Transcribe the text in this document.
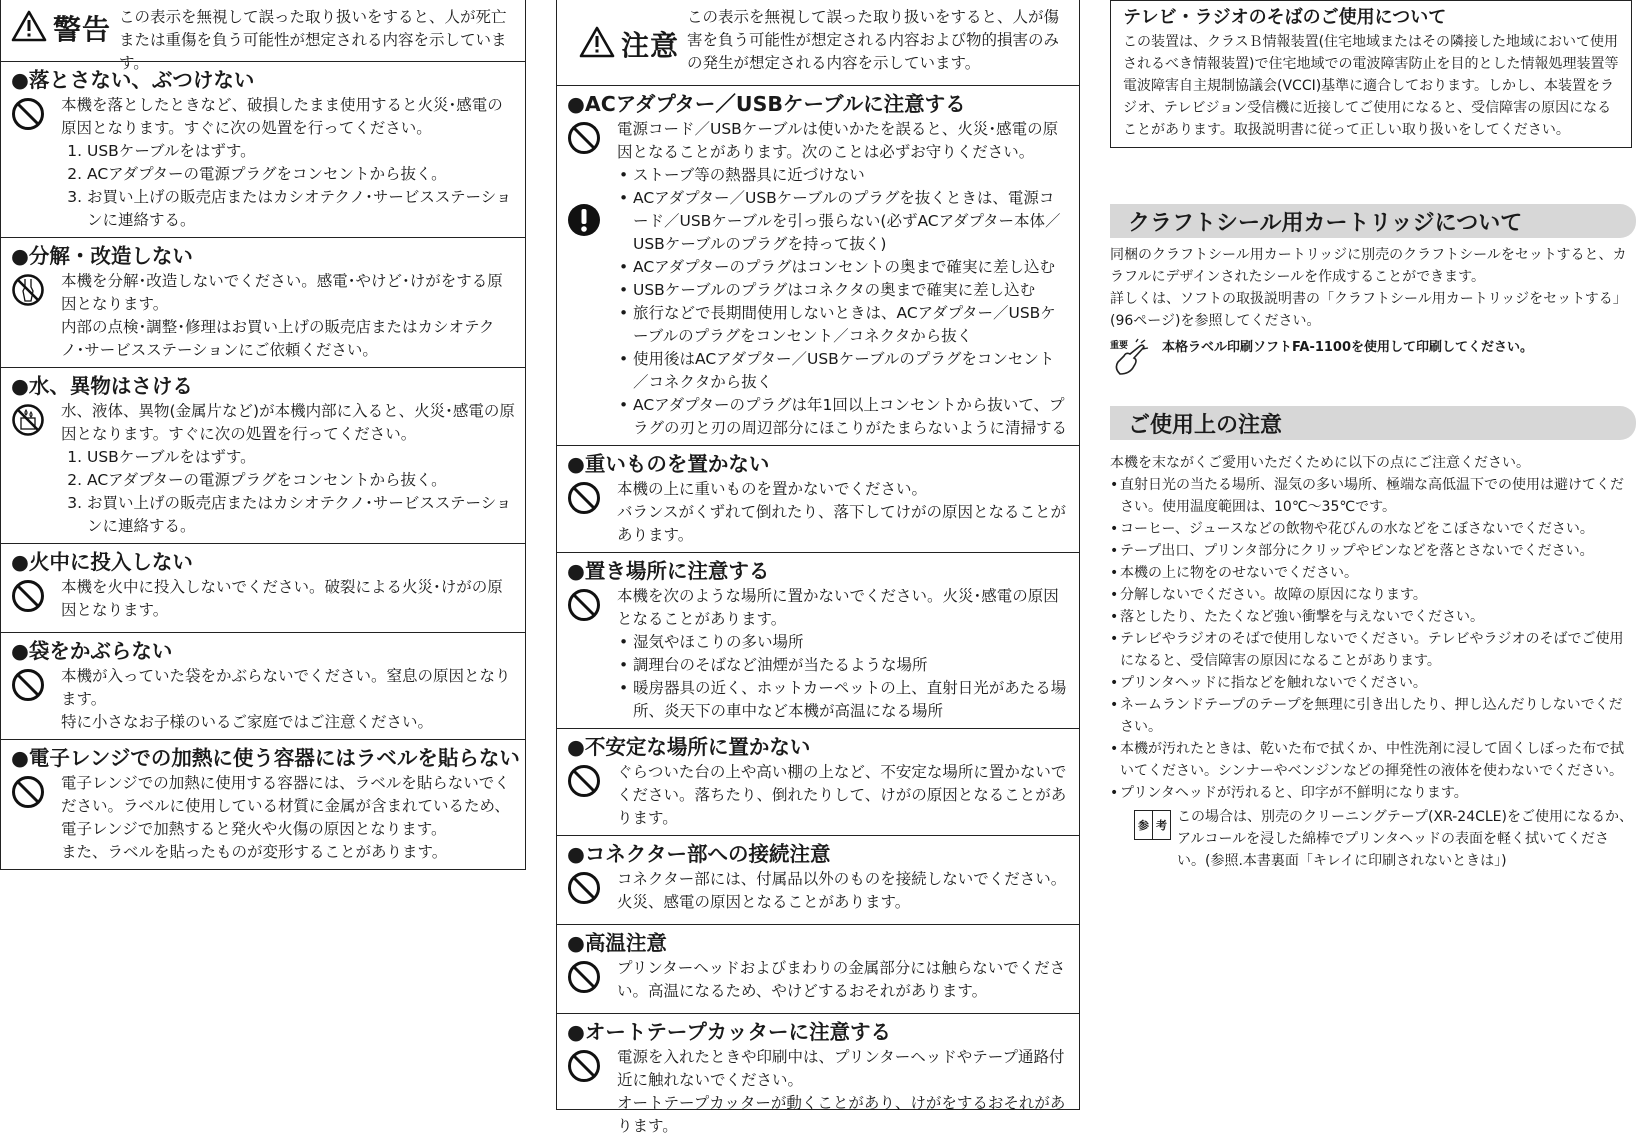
警告 この表示を無視して誤った取り扱いをすると、人が死亡または重傷を負う可能性が想定される内容を示しています。
●落とさない、ぶつけない

本機を落としたときなど、破損したまま使用すると火災･感電の原因となります。すぐに次の処置を行ってください。

1. USBケーブルをはずす。
2. ACアダプターの電源プラグをコンセントから抜く。
3. お買い上げの販売店またはカシオテクノ･サービスステーションに連絡する。
●分解・改造しない

本機を分解･改造しないでください。感電･やけど･けがをする原因となります。

内部の点検･調整･修理はお買い上げの販売店またはカシオテクノ･サービスステーションにご依頼ください。

●水、異物はさける

水、液体、異物(金属片など)が本機内部に入ると、火災･感電の原因となります。すぐに次の処置を行ってください。

1. USBケーブルをはずす。
2. ACアダプターの電源プラグをコンセントから抜く。
3. お買い上げの販売店またはカシオテクノ･サービスステーションに連絡する。
●火中に投入しない

本機を火中に投入しないでください。破裂による火災･けがの原因となります。

●袋をかぶらない

本機が入っていた袋をかぶらないでください。窒息の原因となります。

特に小さなお子様のいるご家庭ではご注意ください。

●電子レンジでの加熱に使う容器にはラベルを貼らない

電子レンジでの加熱に使用する容器には、ラベルを貼らないでください。ラベルに使用している材質に金属が含まれているため、電子レンジで加熱すると発火や火傷の原因となります。

また、ラベルを貼ったものが変形することがあります。

注意
この表示を無視して誤った取り扱いをすると、人が傷害を負う可能性が想定される内容および物的損害のみの発生が想定される内容を示しています。
●ACアダプター／USBケーブルに注意する

電源コード／USBケーブルは使いかたを誤ると、火災･感電の原因となることがあります。次のことは必ずお守りください。

• ストーブ等の熱器具に近づけない
• ACアダプター／USBケーブルのプラグを抜くときは、電源コード／USBケーブルを引っ張らない(必ずACアダプター本体／USBケーブルのプラグを持って抜く)
• ACアダプターのプラグはコンセントの奥まで確実に差し込む
• USBケーブルのプラグはコネクタの奥まで確実に差し込む
• 旅行などで長期間使用しないときは、ACアダプター／USBケーブルのプラグをコンセント／コネクタから抜く
• 使用後はACアダプター／USBケーブルのプラグをコンセント／コネクタから抜く
• ACアダプターのプラグは年1回以上コンセントから抜いて、プラグの刃と刃の周辺部分にほこりがたまらないように清掃する
●重いものを置かない

本機の上に重いものを置かないでください。

バランスがくずれて倒れたり、落下してけがの原因となることがあります。

●置き場所に注意する

本機を次のような場所に置かないでください。火災･感電の原因となることがあります。

• 湿気やほこりの多い場所
• 調理台のそばなど油煙が当たるような場所
• 暖房器具の近く、ホットカーペットの上、直射日光があたる場所、炎天下の車中など本機が高温になる場所
●不安定な場所に置かない

ぐらついた台の上や高い棚の上など、不安定な場所に置かないでください。落ちたり、倒れたりして、けがの原因となることがあります。

●コネクター部への接続注意

コネクター部には、付属品以外のものを接続しないでください。火災、感電の原因となることがあります。

●高温注意

プリンターヘッドおよびまわりの金属部分には触らないでください。高温になるため、やけどするおそれがあります。

●オートテープカッターに注意する

電源を入れたときや印刷中は、プリンターヘッドやテープ通路付近に触れないでください。

オートテープカッターが動くことがあり、けがをするおそれがあります。

テレビ・ラジオのそばのご使用について
この装置は、クラスＢ情報装置(住宅地域またはその隣接した地域において使用されるべき情報装置)で住宅地域での電波障害防止を目的とした情報処理装置等電波障害自主規制協議会(VCCI)基準に適合しております。しかし、本装置をラジオ、テレビジョン受信機に近接してご使用になると、受信障害の原因になることがあります。取扱説明書に従って正しい取り扱いをしてください。
クラフトシール用カートリッジについて
同梱のクラフトシール用カートリッジに別売のクラフトシールをセットすると、カラフルにデザインされたシールを作成することができます。
詳しくは、ソフトの取扱説明書の「クラフトシール用カートリッジをセットする」(96ページ)を参照してください。
重要	本格ラベル印刷ソフトFA-1100を使用して印刷してください。
ご使用上の注意
本機を末ながくご愛用いただくために以下の点にご注意ください。
• 直射日光の当たる場所、湿気の多い場所、極端な高低温下での使用は避けてください。使用温度範囲は、10℃～35℃です。
• コーヒー、ジュースなどの飲物や花びんの水などをこぼさないでください。
• テープ出口、プリンタ部分にクリップやピンなどを落とさないでください。
• 本機の上に物をのせないでください。
• 分解しないでください。故障の原因になります。
• 落としたり、たたくなど強い衝撃を与えないでください。
• テレビやラジオのそばで使用しないでください。テレビやラジオのそばでご使用になると、受信障害の原因になることがあります。
• プリンタヘッドに指などを触れないでください。
• ネームランドテープのテープを無理に引き出したり、押し込んだりしないでください。
• 本機が汚れたときは、乾いた布で拭くか、中性洗剤に浸して固くしぼった布で拭いてください。シンナーやベンジンなどの揮発性の液体を使わないでください。
• プリンタヘッドが汚れると、印字が不鮮明になります。
参 考
この場合は、別売のクリーニングテープ(XR-24CLE)をご使用になるか、アルコールを浸した綿棒でプリンタヘッドの表面を軽く拭いてください。(参照.本書裏面「キレイに印刷されないときは」)
